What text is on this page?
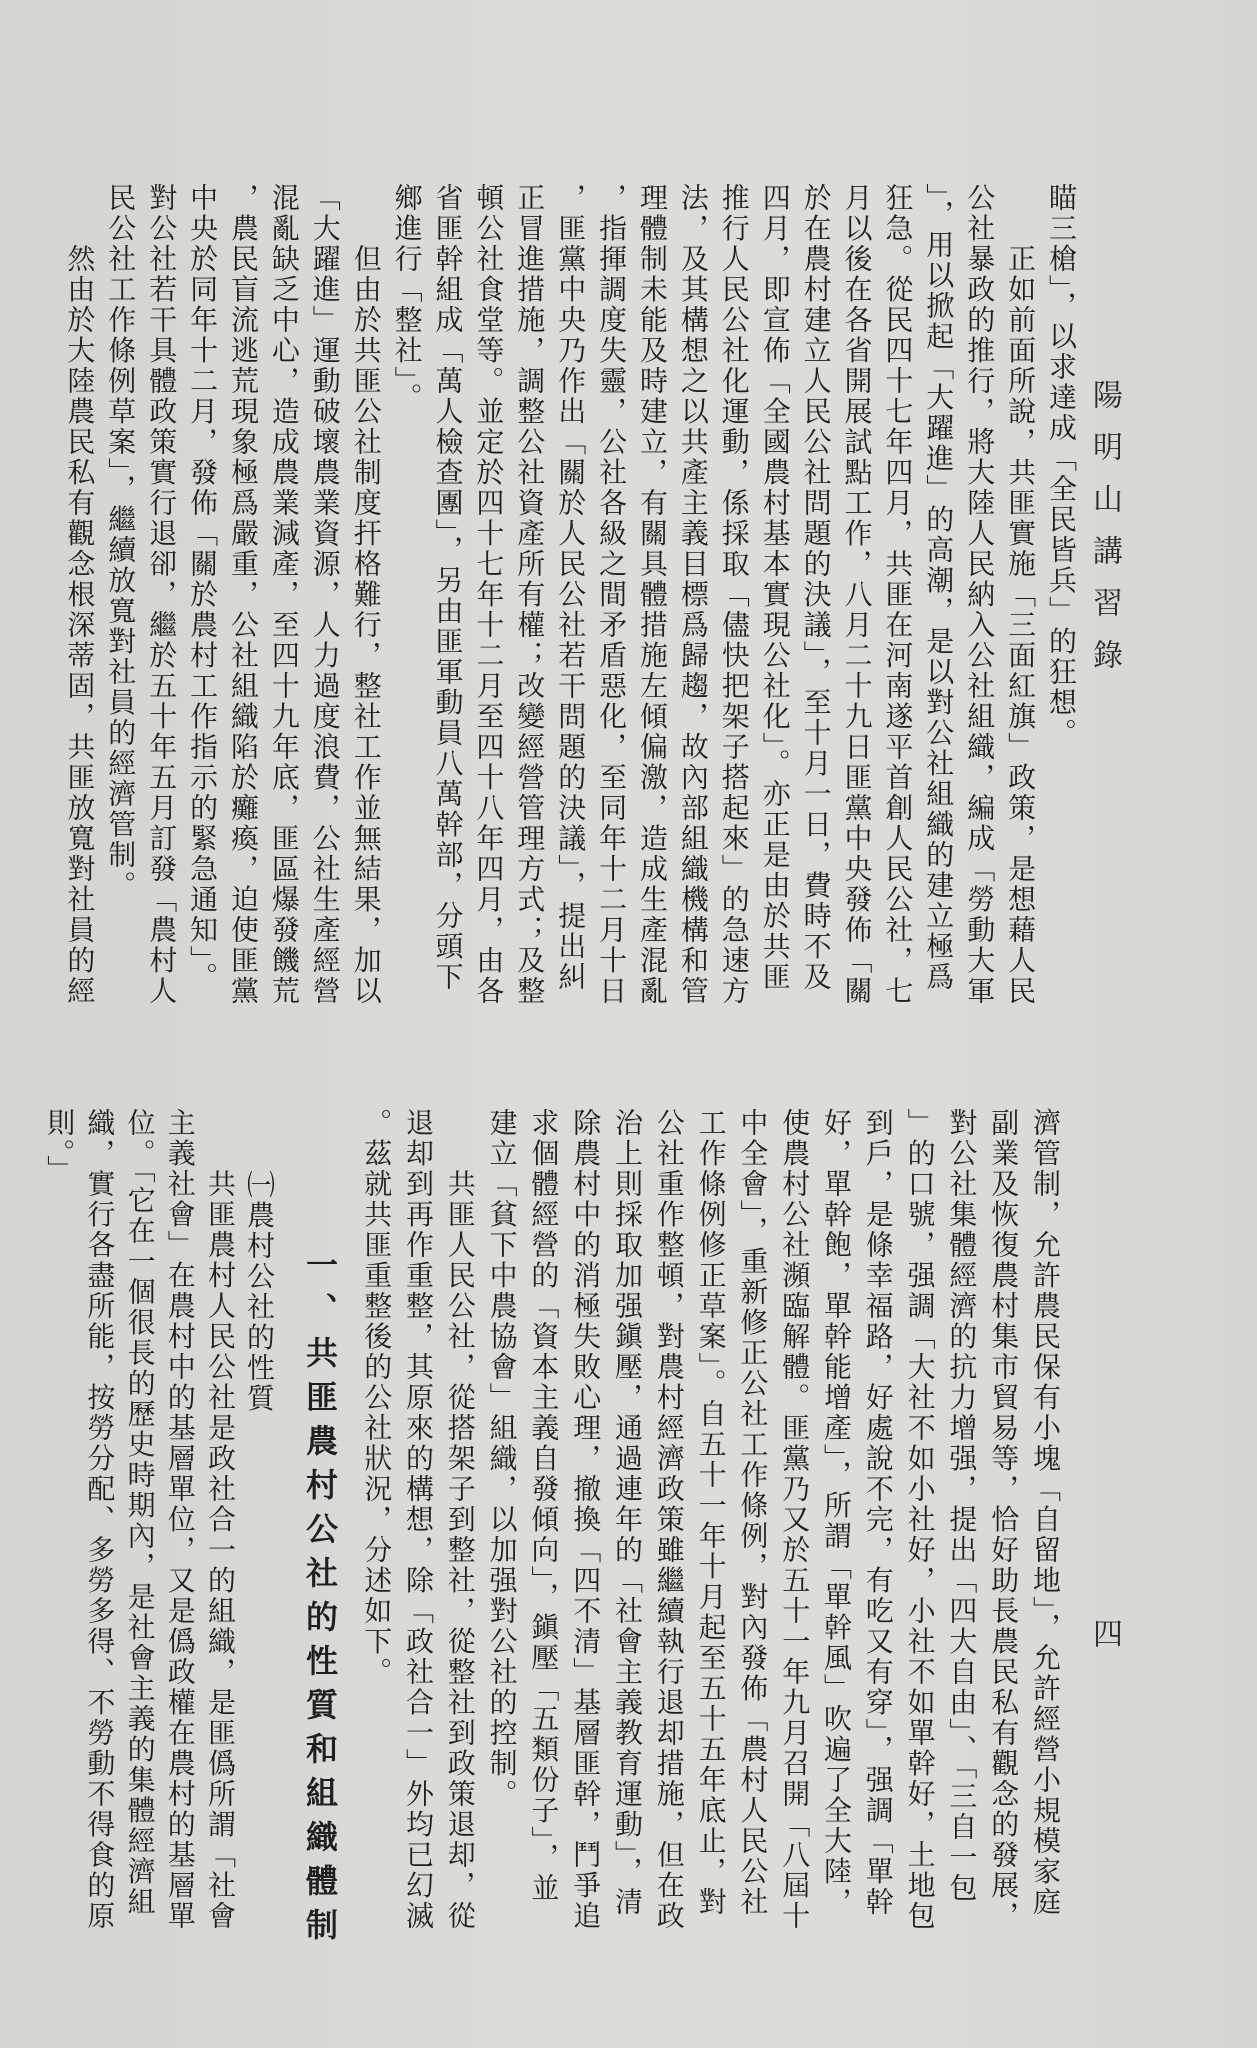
陽明山講習錄
四
瞄三槍」，以求達成「全民皆兵」的狂想。
正如前面所說，共匪實施「三面紅旗」政策，是想藉人民
公社暴政的推行，將大陸人民納入公社組織，編成「勞動大軍
」，用以掀起「大躍進」的高潮，是以對公社組織的建立極爲
狂急。從民四十七年四月，共匪在河南遂平首創人民公社，七
月以後在各省開展試點工作，八月二十九日匪黨中央發佈「關
於在農村建立人民公社問題的決議」，至十月一日，費時不及
四月，即宣佈「全國農村基本實現公社化」。亦正是由於共匪
推行人民公社化運動，係採取「儘快把架子搭起來」的急速方
法，及其構想之以共產主義目標爲歸趨，故內部組織機構和管
理體制未能及時建立，有關具體措施左傾偏激，造成生產混亂
，指揮調度失靈，公社各級之間矛盾惡化，至同年十二月十日
，匪黨中央乃作出「關於人民公社若干問題的決議」，提出糾
正冒進措施，調整公社資產所有權；改變經營管理方式；及整
頓公社食堂等。並定於四十七年十二月至四十八年四月，由各
省匪幹組成「萬人檢查團」，另由匪軍動員八萬幹部，分頭下
鄉進行「整社」。
但由於共匪公社制度扞格難行，整社工作並無結果，加以
「大躍進」運動破壞農業資源，人力過度浪費，公社生產經營
混亂缺乏中心，造成農業減產，至四十九年底，匪區爆發饑荒
，農民盲流逃荒現象極爲嚴重，公社組織陷於癱瘓，迫使匪黨
中央於同年十二月，發佈「關於農村工作指示的緊急通知」。
對公社若干具體政策實行退卻，繼於五十年五月訂發「農村人
民公社工作條例草案」，繼續放寬對社員的經濟管制。
然由於大陸農民私有觀念根深蒂固，共匪放寬對社員的經
濟管制，允許農民保有小塊「自留地」，允許經營小規模家庭
副業及恢復農村集市貿易等，恰好助長農民私有觀念的發展，
對公社集體經濟的抗力增强，提出「四大自由」、「三自一包
」的口號，强調「大社不如小社好，小社不如單幹好，土地包
到戶，是條幸福路，好處說不完，有吃又有穿」，强調「單幹
好，單幹飽，單幹能增產」，所謂「單幹風」吹遍了全大陸，
使農村公社瀕臨解體。匪黨乃又於五十一年九月召開「八屆十
中全會」，重新修正公社工作條例，對內發佈「農村人民公社
工作條例修正草案」。自五十一年十月起至五十五年底止，對
公社重作整頓，對農村經濟政策雖繼續執行退却措施，但在政
治上則採取加强鎭壓，通過連年的「社會主義教育運動」，清
除農村中的消極失敗心理，撤換「四不清」基層匪幹，鬥爭追
求個體經營的「資本主義自發傾向」，鎭壓「五類份子」，並
建立「貧下中農協會」組織，以加强對公社的控制。
共匪人民公社，從搭架子到整社，從整社到政策退却，從
退却到再作重整，其原來的構想，除「政社合一」外均已幻滅
。茲就共匪重整後的公社狀況，分述如下。
一、共匪農村公社的性質和組織體制
㈠農村公社的性質
共匪農村人民公社是政社合一的組織，是匪僞所謂「社會
主義社會」在農村中的基層單位，又是僞政權在農村的基層單
位。「它在一個很長的歷史時期內，是社會主義的集體經濟組
織，實行各盡所能，按勞分配、多勞多得、不勞動不得食的原
則。」
